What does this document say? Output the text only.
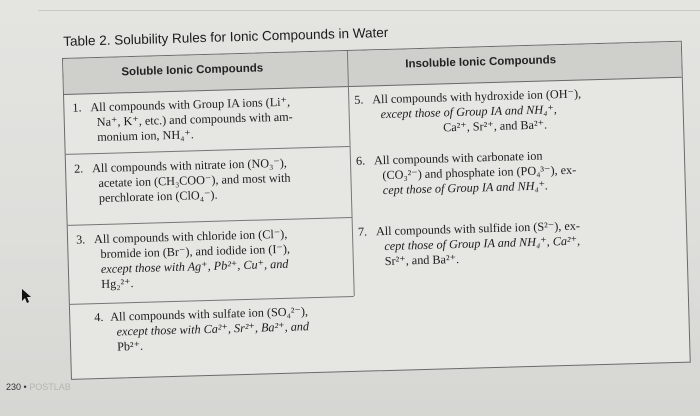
Table 2. Solubility Rules for Ionic Compounds in Water
Soluble Ionic Compounds	Insoluble Ionic Compounds
1. All compounds with Group IA ions (Li⁺,
Na⁺, K⁺, etc.) and compounds with am-
monium ion, NH₄⁺.
2. All compounds with nitrate ion (NO₃⁻),
acetate ion (CH₃COO⁻), and most with
perchlorate ion (ClO₄⁻).
3. All compounds with chloride ion (Cl⁻),
bromide ion (Br⁻), and iodide ion (I⁻),
except those with Ag⁺, Pb²⁺, Cu⁺, and
Hg₂²⁺.
4. All compounds with sulfate ion (SO₄²⁻),
except those with Ca²⁺, Sr²⁺, Ba²⁺, and
Pb²⁺.
5. All compounds with hydroxide ion (OH⁻),
except those of Group IA and NH₄⁺,
Ca²⁺, Sr²⁺, and Ba²⁺.
6. All compounds with carbonate ion
(CO₃²⁻) and phosphate ion (PO₄³⁻), ex-
cept those of Group IA and NH₄⁺.
7. All compounds with sulfide ion (S²⁻), ex-
cept those of Group IA and NH₄⁺, Ca²⁺,
Sr²⁺, and Ba²⁺.
230 • POSTLAB
